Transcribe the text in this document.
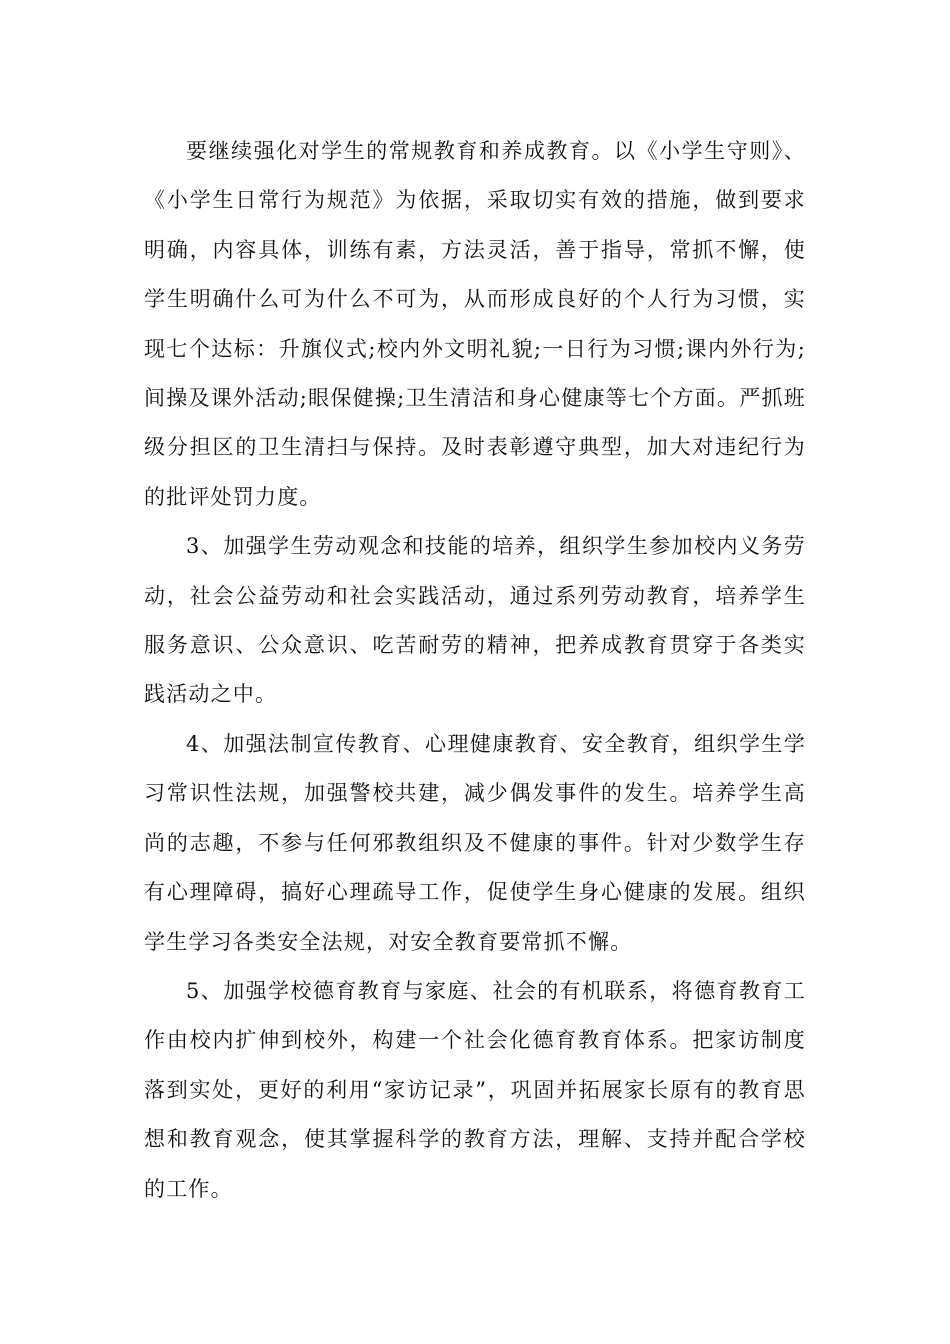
要继续强化对学生的常规教育和养成教育。以《小学生守则》、《小学生日常行为规范》为依据，采取切实有效的措施，做到要求明确，内容具体，训练有素，方法灵活，善于指导，常抓不懈，使学生明确什么可为什么不可为，从而形成良好的个人行为习惯，实现七个达标：升旗仪式;校内外文明礼貌;一日行为习惯;课内外行为;间操及课外活动;眼保健操;卫生清洁和身心健康等七个方面。严抓班级分担区的卫生清扫与保持。及时表彰遵守典型，加大对违纪行为的批评处罚力度。

3、加强学生劳动观念和技能的培养，组织学生参加校内义务劳动，社会公益劳动和社会实践活动，通过系列劳动教育，培养学生服务意识、公众意识、吃苦耐劳的精神，把养成教育贯穿于各类实践活动之中。

4、加强法制宣传教育、心理健康教育、安全教育，组织学生学习常识性法规，加强警校共建，减少偶发事件的发生。培养学生高尚的志趣，不参与任何邪教组织及不健康的事件。针对少数学生存有心理障碍，搞好心理疏导工作，促使学生身心健康的发展。组织学生学习各类安全法规，对安全教育要常抓不懈。

5、加强学校德育教育与家庭、社会的有机联系，将德育教育工作由校内扩伸到校外，构建一个社会化德育教育体系。把家访制度落到实处，更好的利用“家访记录”，巩固并拓展家长原有的教育思想和教育观念，使其掌握科学的教育方法，理解、支持并配合学校的工作。
